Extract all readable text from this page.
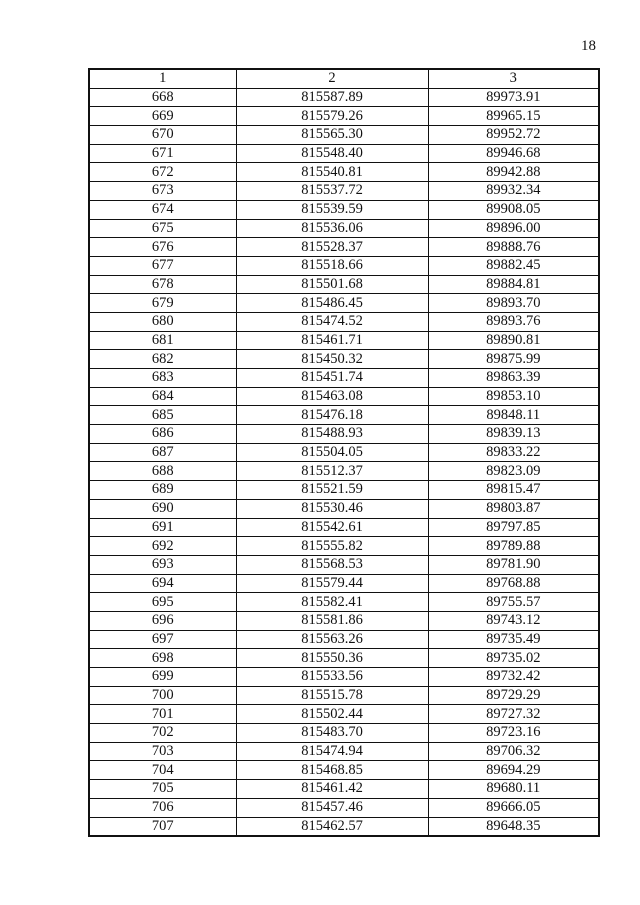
18
1	2	3
668	815587.89	89973.91
669	815579.26	89965.15
670	815565.30	89952.72
671	815548.40	89946.68
672	815540.81	89942.88
673	815537.72	89932.34
674	815539.59	89908.05
675	815536.06	89896.00
676	815528.37	89888.76
677	815518.66	89882.45
678	815501.68	89884.81
679	815486.45	89893.70
680	815474.52	89893.76
681	815461.71	89890.81
682	815450.32	89875.99
683	815451.74	89863.39
684	815463.08	89853.10
685	815476.18	89848.11
686	815488.93	89839.13
687	815504.05	89833.22
688	815512.37	89823.09
689	815521.59	89815.47
690	815530.46	89803.87
691	815542.61	89797.85
692	815555.82	89789.88
693	815568.53	89781.90
694	815579.44	89768.88
695	815582.41	89755.57
696	815581.86	89743.12
697	815563.26	89735.49
698	815550.36	89735.02
699	815533.56	89732.42
700	815515.78	89729.29
701	815502.44	89727.32
702	815483.70	89723.16
703	815474.94	89706.32
704	815468.85	89694.29
705	815461.42	89680.11
706	815457.46	89666.05
707	815462.57	89648.35
